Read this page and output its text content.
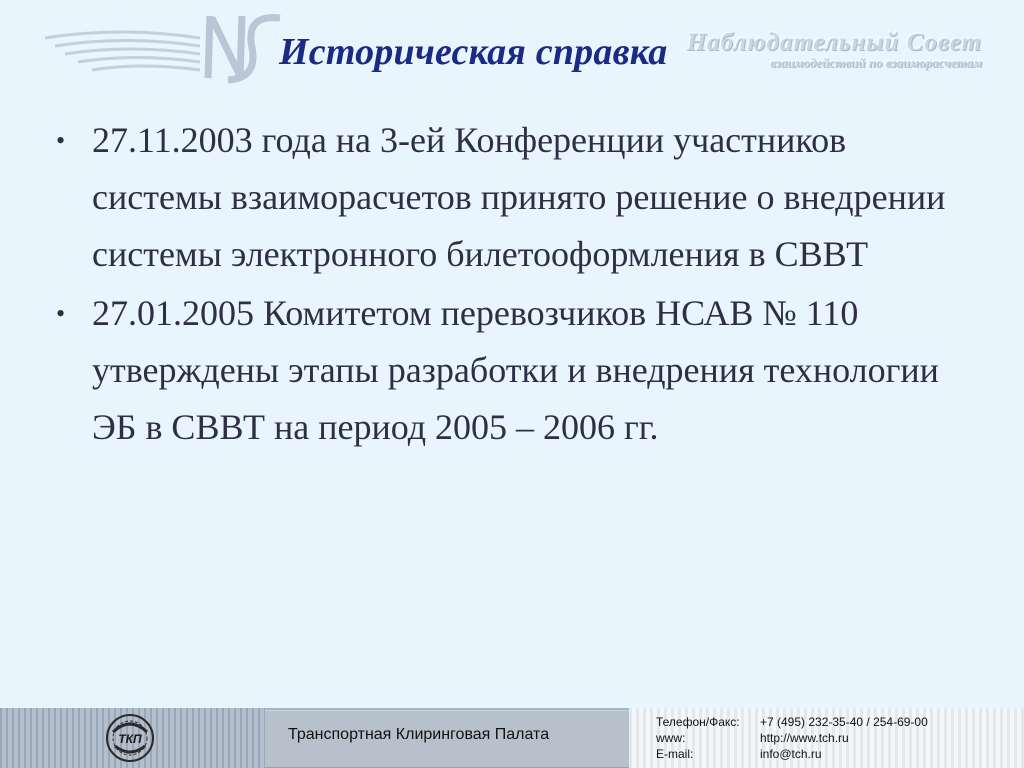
Наблюдательный Совет
взаимодействий по взаиморасчетам
Историческая справка
• 27.11.2003 года на 3-ей Конференции участников системы взаиморасчетов принято решение о внедрении системы электронного билетооформления в СВВТ
• 27.01.2005 Комитетом перевозчиков НСАВ № 110 утверждены этапы разработки и внедрения технологии ЭБ в СВВТ на период 2005 – 2006 гг.
ТКП	Транспортная Клиринговая Палата
Телефон/Факс: +7 (495) 232-35-40 / 254-69-00
www:	http://www.tch.ru
E-mail:	info@tch.ru
